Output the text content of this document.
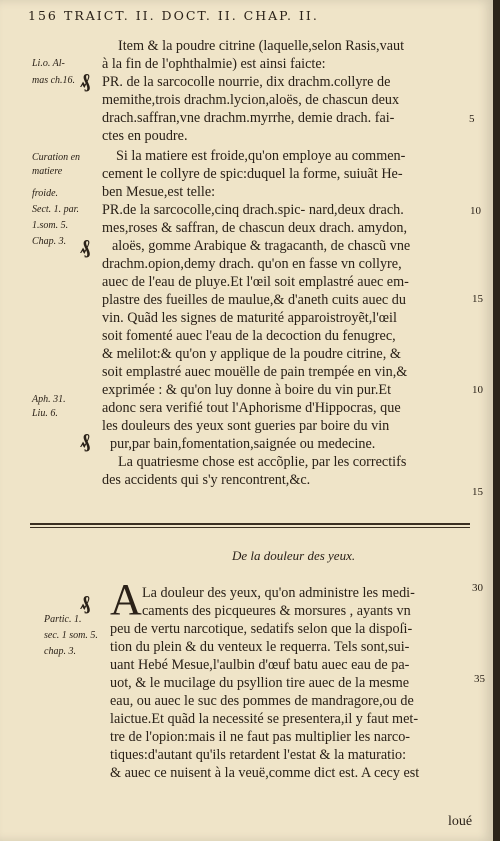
156 TRAICT. II. DOCT. II. CHAP. II.
Item & la poudre citrine (laquelle,selon Rasis,vaut
à la fin de l'ophthalmie) est ainsi faicte:
PR. de la sarcocolle nourrie, dix drachm.collyre de
memithe,trois drachm.lycion,aloës, de chascun deux
drach.saffran,vne drachm.myrrhe, demie drach. fai-
ctes en poudre.
Si la matiere est froide,qu'on employe au commen-
cement le collyre de spic:duquel la forme, suiuãt He-
ben Mesue,est telle:
PR.de la sarcocolle,cinq drach.spic- nard,deux drach.
mes,roses & saffran, de chascun deux drach. amydon,
aloës, gomme Arabique & tragacanth, de chascũ vne
drachm.opion,demy drach. qu'on en fasse vn collyre,
auec de l'eau de pluye.Et l'œil soit emplastré auec em-
plastre des fueilles de maulue,& d'aneth cuits auec du
vin. Quãd les signes de maturité apparoistroyẽt,l'œil
soit fomenté auec l'eau de la decoction du fenugrec,
& melilot:& qu'on y applique de la poudre citrine, &
soit emplastré auec mouëlle de pain trempée en vin,&
exprimée : & qu'on luy donne à boire du vin pur.Et
adonc sera verifié tout l'Aphorisme d'Hippocras, que
les douleurs des yeux sont gueries par boire du vin
pur,par bain,fomentation,saignée ou medecine.
La quatriesme chose est accõplie, par les correctifs
des accidents qui s'y rencontrent,&c.
Li.o. Al-
mas ch.16.
Curation en
matiere
froide.
Sect. 1. par.
1.som. 5.
Chap. 3.
Aph. 31.
Liu. 6.
₰
₰
₰
₰
5
10
15
10
15
30
35
De la douleur des yeux.
A La douleur des yeux, qu'on administre les medi-
caments des picqueures & morsures , ayants vn
peu de vertu narcotique, sedatifs selon que la dispoſi-
tion du plein & du venteux le requerra. Tels sont,sui-
uant Hebé Mesue,l'aulbin d'œuf batu auec eau de pa-
uot, & le mucilage du psyllion tire auec de la mesme
eau, ou auec le suc des pommes de mandragore,ou de
laictue.Et quãd la necessité se presentera,il y faut met-
tre de l'opion:mais il ne faut pas multiplier les narco-
tiques:d'autant qu'ils retardent l'estat & la maturatio:
& auec ce nuisent à la veuë,comme dict est. A cecy est
Partic. 1.
sec. 1 som. 5.
chap. 3.
loué
